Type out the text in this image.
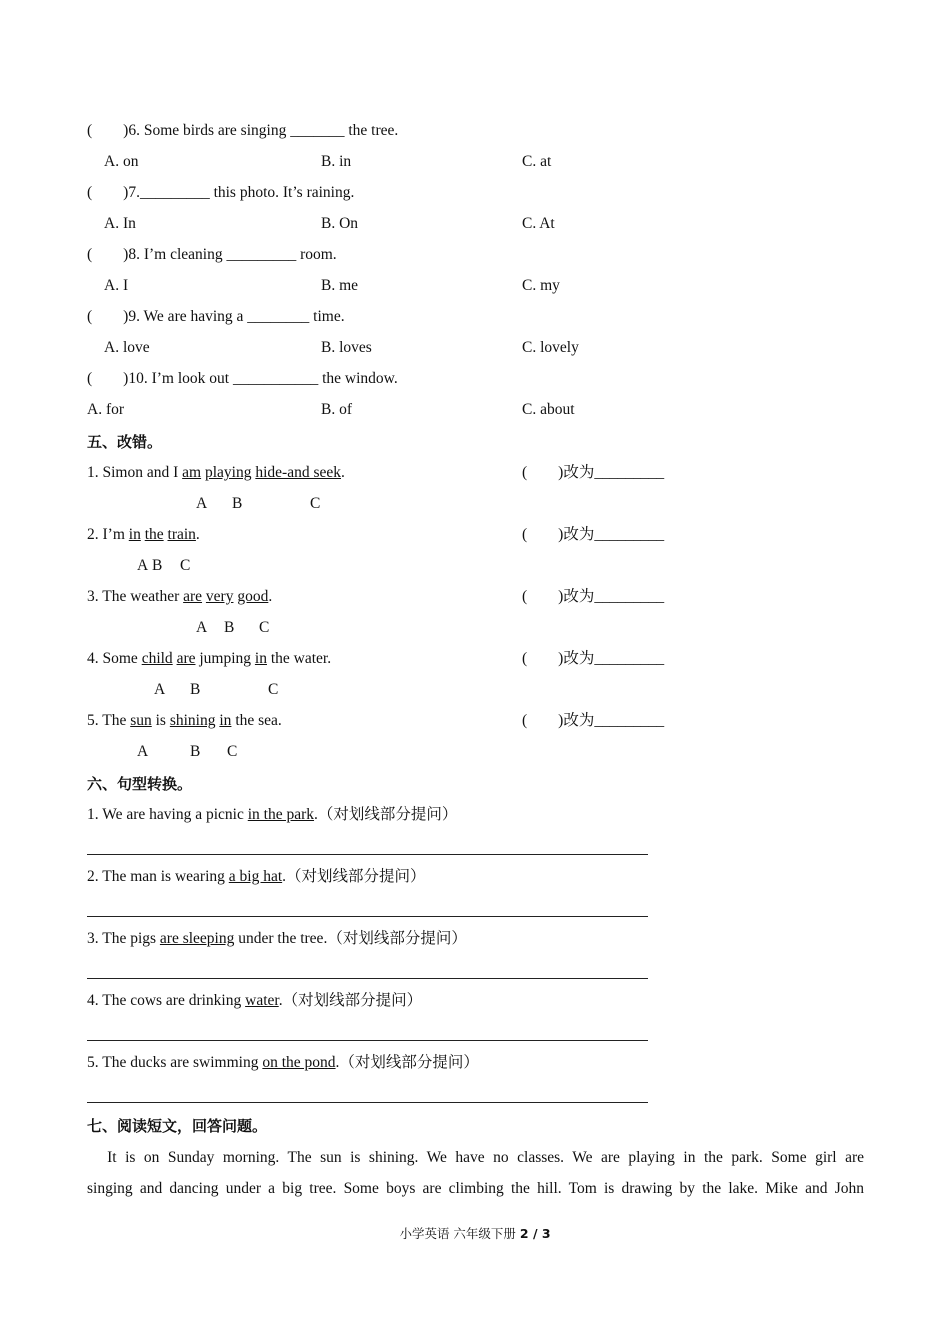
(　　)6. Some birds are singing _______ the tree.
A. on	B. in	C. at
(　　)7._________ this photo. It’s raining.
A. In	B. On	C. At
(　　)8. I’m cleaning _________ room.
A. I	B. me	C. my
(　　)9. We are having a ________ time.
A. love	B. loves	C. lovely
(　　)10. I’m look out ___________ the window.
A. for	B. of	C. about
五、改错。
1. Simon and I am playing hide-and seek.	(　　)改为_________
A B	C
2. I’m in the train.	(　　)改为_________
A B C
3. The weather are very good.	(　　)改为_________
A B C
4. Some child are jumping in the water.	(　　)改为_________
A B	C
5. The sun is shining in the sea.	(　　)改为_________
A	B C
六、句型转换。
1. We are having a picnic in the park.（对划线部分提问）
2. The man is wearing a big hat.（对划线部分提问）
3. The pigs are sleeping under the tree.（对划线部分提问）
4. The cows are drinking water.（对划线部分提问）
5. The ducks are swimming on the pond.（对划线部分提问）
七、阅读短文，回答问题。
　It is on Sunday morning. The sun is shining. We have no classes. We are playing in the park. Some girl are
singing and dancing under a big tree. Some boys are climbing the hill. Tom is drawing by the lake. Mike and John
小学英语 六年级下册 2 / 3
